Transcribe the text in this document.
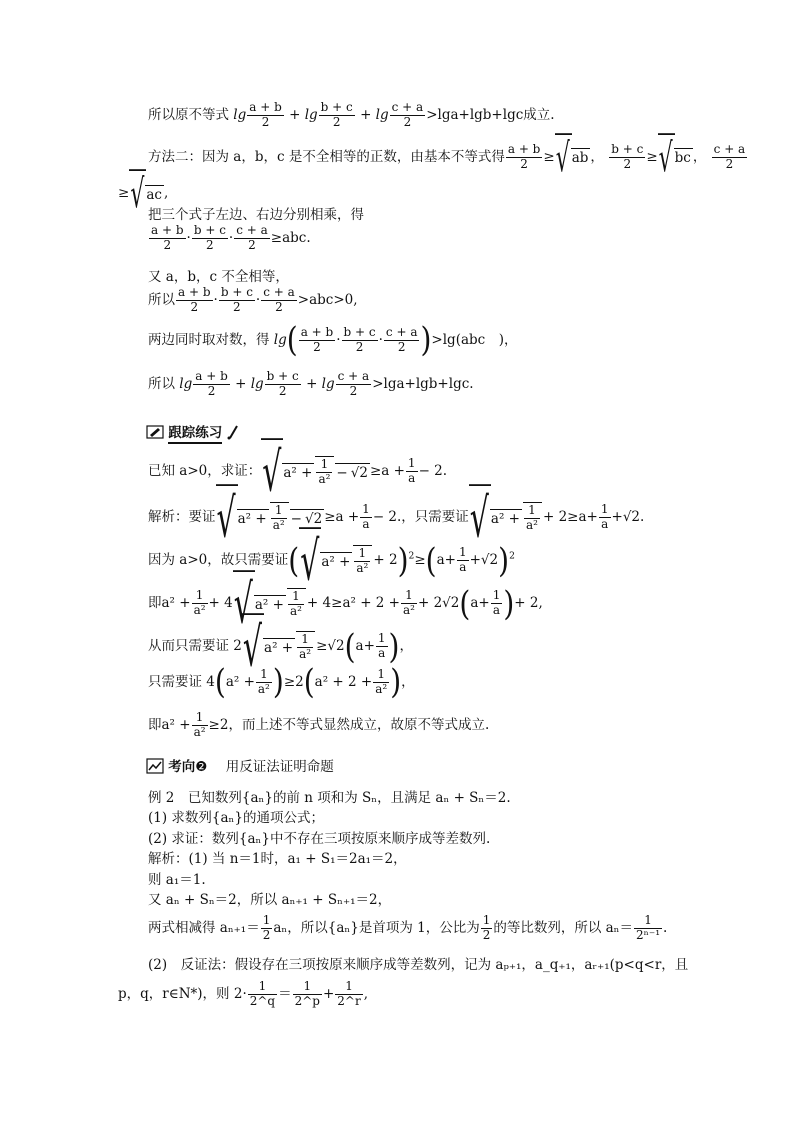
所以原不等式 $\lg \frac{a + b}{2} + \lg \frac{b + c}{2} + \lg \frac{c + a}{2} >\lg a+\lg b+\lg c$成立.
方法二：因为 a，b，c 是不全相等的正数，由基本不等式得 $\frac{a + b}{2}$ ≥√ ab ， $\frac{b + c}{2}$ ≥√ bc ， $\frac{c + a}{2}$
≥√ ac ,
把三个式子左边、右边分别相乘，得
$\frac{a + b}{2} \cdot \frac{b + c}{2} \cdot \frac{c + a}{2} \ge abc$.
又 a，b，c 不全相等，
所以 $\frac{a + b}{2} \cdot \frac{b + c}{2} \cdot \frac{c + a}{2} >abc>0$,
两边同时取对数，得 $\lg( \frac{a + b}{2} \cdot \frac{b + c}{2} \cdot \frac{c + a}{2} )>\lg(abc$　)，
所以 $\lg \frac{a + b}{2} + \lg \frac{b + c}{2} + \lg \frac{c + a}{2} >\lg a+\lg b+\lg c$.
跟踪练习
已知 a>0，求证：√ $a^2 + \frac{1}{\text{a²}} - √2 \ge a + \frac{1}{a} - 2$.
解析：要证√ $a^2 + \frac{1}{\text{a²}} - √2 \ge a + \frac{1}{a} - 2$.，只需要证√ $a^2 + \frac{1}{\text{a²}} + 2\ge a+ \frac{1}{a} +√2$.
因为 a>0，故只需要证(√ $a^2 + \frac{1}{\text{a²}} + 2)^2\ge(a+ \frac{1}{a} +√2)^2$
即$a^2 + \frac{1}{\text{a²}} + 4√$ $a^2 + \frac{1}{\text{a²}} + 4\ge a^2 + 2 + \frac{1}{\text{a²}} + 2√2(a+ \frac{1}{a}$ )+ 2,
从而只需要证 2√ $a^2 + \frac{1}{\text{a²}} \ge√2(a+ \frac{1}{a}$ )，
只需要证 $4(a^2 + \frac{1}{\text{a²}} )\ge 2(a^2 + 2 + \frac{1}{\text{a²}}$ )，
即$a^2 + \frac{1}{\text{a²}} \ge 2$，而上述不等式显然成立，故原不等式成立.
考向❷ 用反证法证明命题
例 2　已知数列{aₙ}的前 n 项和为 Sₙ，且满足 aₙ + Sₙ＝2.
(1) 求数列{aₙ}的通项公式；
(2) 求证：数列{aₙ}中不存在三项按原来顺序成等差数列.
解析：(1) 当 n＝1时，a₁ + S₁＝2a₁＝2，
则 a₁＝1.
又 aₙ + Sₙ＝2，所以 aₙ₊₁ + Sₙ₊₁＝2，
两式相减得 $a_{n+1}= \frac{1}{2}$ aₙ，所以{aₙ}是首项为 1，公比为 $\frac{1}{2}$ 的等比数列，所以 $a_n= \frac{1}{\text{2ⁿ⁻¹}}$ .
(2)　反证法：假设存在三项按原来顺序成等差数列，记为 aₚ₊₁，a_q₊₁，aᵣ₊₁(p<q<r，且
p，q，r∈N*)，则 $2\cdot \frac{1}{2\^{}q} = \frac{1}{2\^{}p} + \frac{1}{2\^{}r}$ ,
